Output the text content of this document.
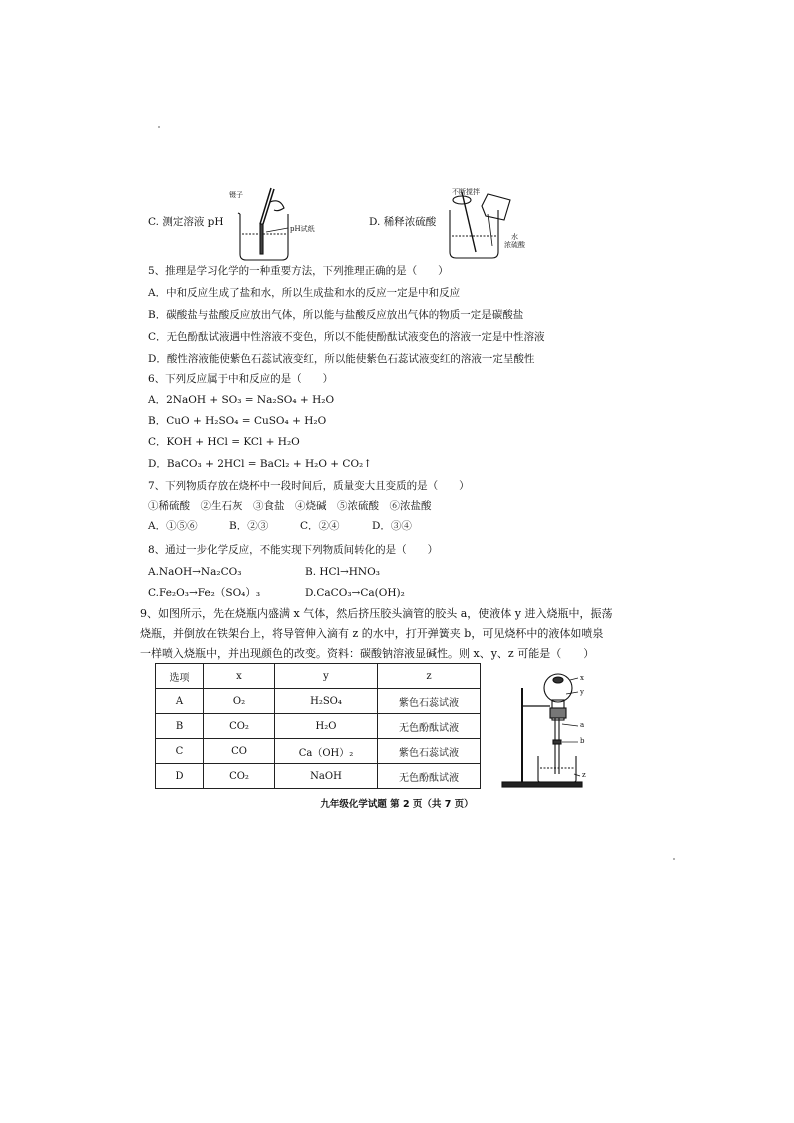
C. 测定溶液 pH
镊子
pH试纸
D. 稀释浓硫酸
不断搅拌
水
浓硫酸
5、推理是学习化学的一种重要方法，下列推理正确的是（　　）
A．中和反应生成了盐和水，所以生成盐和水的反应一定是中和反应
B．碳酸盐与盐酸反应放出气体，所以能与盐酸反应放出气体的物质一定是碳酸盐
C．无色酚酞试液遇中性溶液不变色，所以不能使酚酞试液变色的溶液一定是中性溶液
D．酸性溶液能使紫色石蕊试液变红，所以能使紫色石蕊试液变红的溶液一定呈酸性
6、下列反应属于中和反应的是（　　）
A．2NaOH + SO₃ = Na₂SO₄ + H₂O
B．CuO + H₂SO₄ = CuSO₄ + H₂O
C．KOH + HCl = KCl + H₂O
D．BaCO₃ + 2HCl = BaCl₂ + H₂O + CO₂↑
7、下列物质存放在烧杯中一段时间后，质量变大且变质的是（　　）
①稀硫酸　②生石灰　③食盐　④烧碱　⑤浓硫酸　⑥浓盐酸
A．①⑤⑥	B．②③	C．②④	D．③④
8、通过一步化学反应，不能实现下列物质间转化的是（　　）
A.NaOH→Na₂CO₃	B. HCl→HNO₃
C.Fe₂O₃→Fe₂（SO₄）₃	D.CaCO₃→Ca(OH)₂
9、如图所示，先在烧瓶内盛满 x 气体，然后挤压胶头滴管的胶头 a，使液体 y 进入烧瓶中，振荡
烧瓶，并倒放在铁架台上，将导管伸入滴有 z 的水中，打开弹簧夹 b，可见烧杯中的液体如喷泉
一样喷入烧瓶中，并出现颜色的改变。资料：碳酸钠溶液显碱性。则 x、y、z 可能是（　　）
选项	x	y	z
A	O₂	H₂SO₄	紫色石蕊试液
B	CO₂	H₂O	无色酚酞试液
C	CO	Ca（OH）₂	紫色石蕊试液
D	CO₂	NaOH	无色酚酞试液
x
y
a
b
z
九年级化学试题 第 2 页（共 7 页）
